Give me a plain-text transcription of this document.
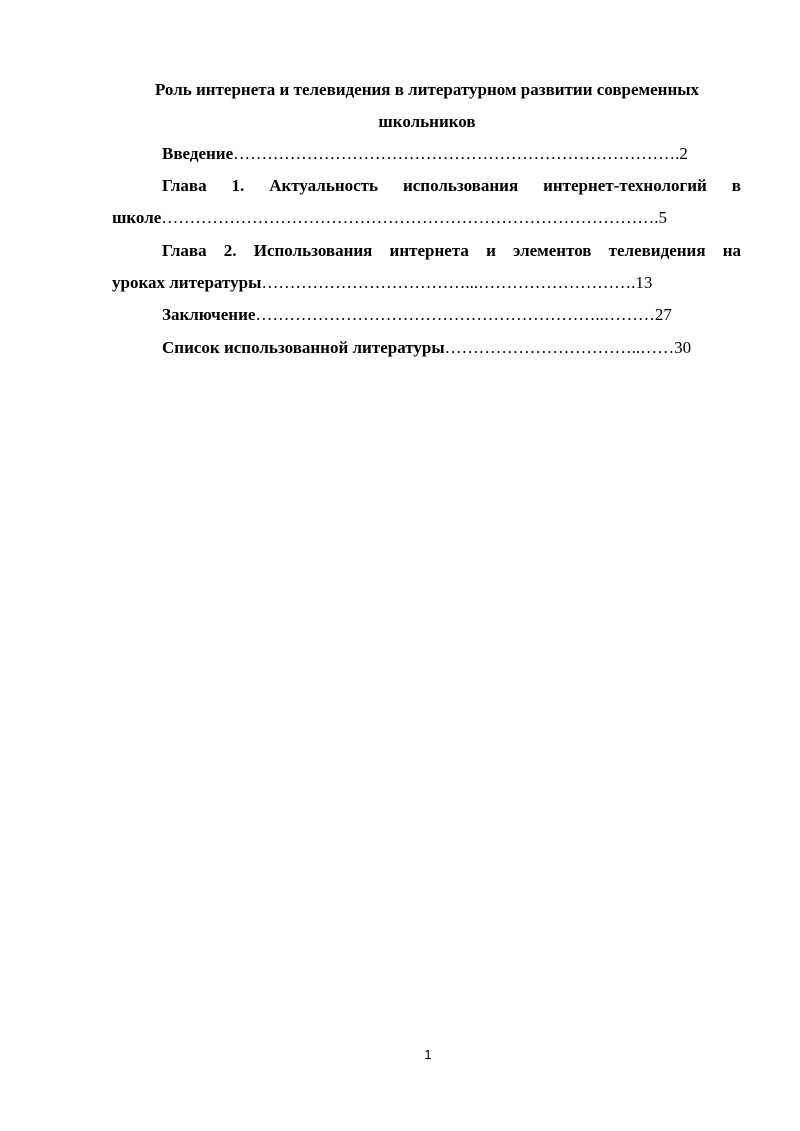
Роль интернета и телевидения в литературном развитии современных школьников
Введение…………………………………………………………………….2
Глава 1. Актуальность использования интернет-технологий в
школе…………………………………………………………………………….5
Глава 2. Использования интернета и элементов телевидения на
уроках литературы………………………………...……………………….13
Заключение……………………………………………………..………27
Список использованной литературы……………………………..……30
1
